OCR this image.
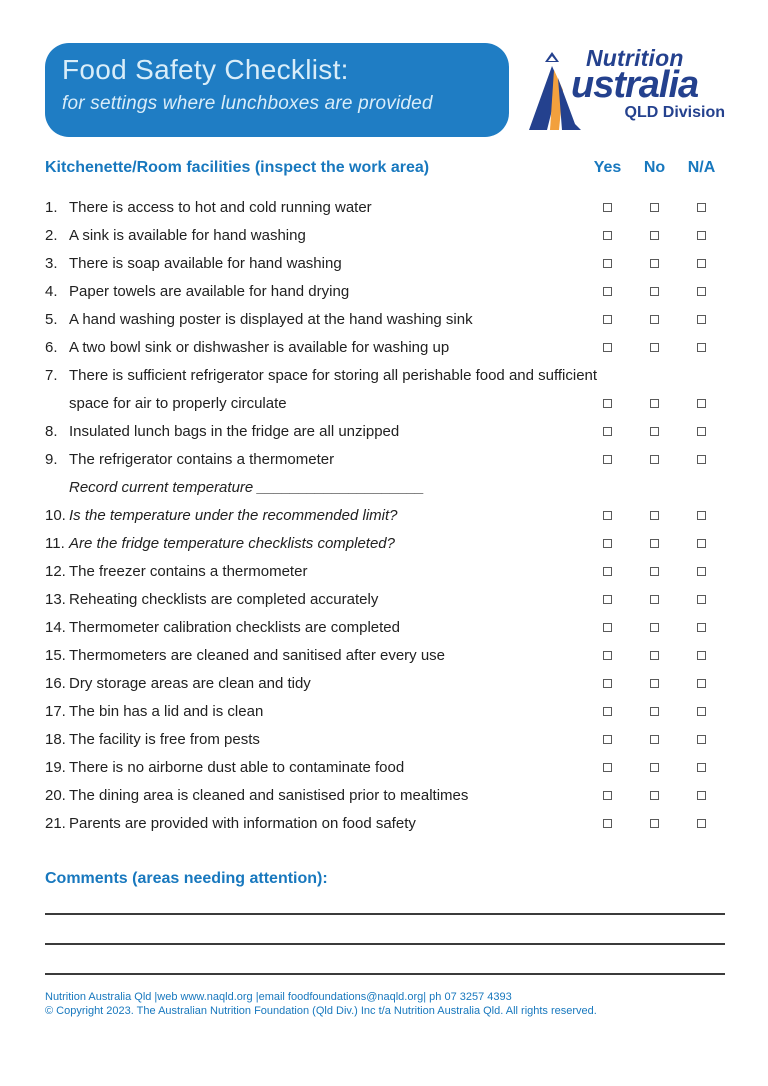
Food Safety Checklist:
for settings where lunchboxes are provided
Nutrition
ustralia
QLD Division
Kitchenette/Room facilities (inspect the work area)	Yes	No	N/A
1. There is access to hot and cold running water
2. A sink is available for hand washing
3. There is soap available for hand washing
4. Paper towels are available for hand drying
5. A hand washing poster is displayed at the hand washing sink
6. A two bowl sink or dishwasher is available for washing up
7. There is sufficient refrigerator space for storing all perishable food and sufficient
space for air to properly circulate
8. Insulated lunch bags in the fridge are all unzipped
9. The refrigerator contains a thermometer
Record current temperature ____________________
10. Is the temperature under the recommended limit?
11. Are the fridge temperature checklists completed?
12. The freezer contains a thermometer
13. Reheating checklists are completed accurately
14. Thermometer calibration checklists are completed
15. Thermometers are cleaned and sanitised after every use
16. Dry storage areas are clean and tidy
17. The bin has a lid and is clean
18. The facility is free from pests
19. There is no airborne dust able to contaminate food
20. The dining area is cleaned and sanistised prior to mealtimes
21. Parents are provided with information on food safety
Comments (areas needing attention):
Nutrition Australia Qld |web www.naqld.org |email foodfoundations@naqld.org| ph 07 3257 4393
© Copyright 2023. The Australian Nutrition Foundation (Qld Div.) Inc t/a Nutrition Australia Qld. All rights reserved.
